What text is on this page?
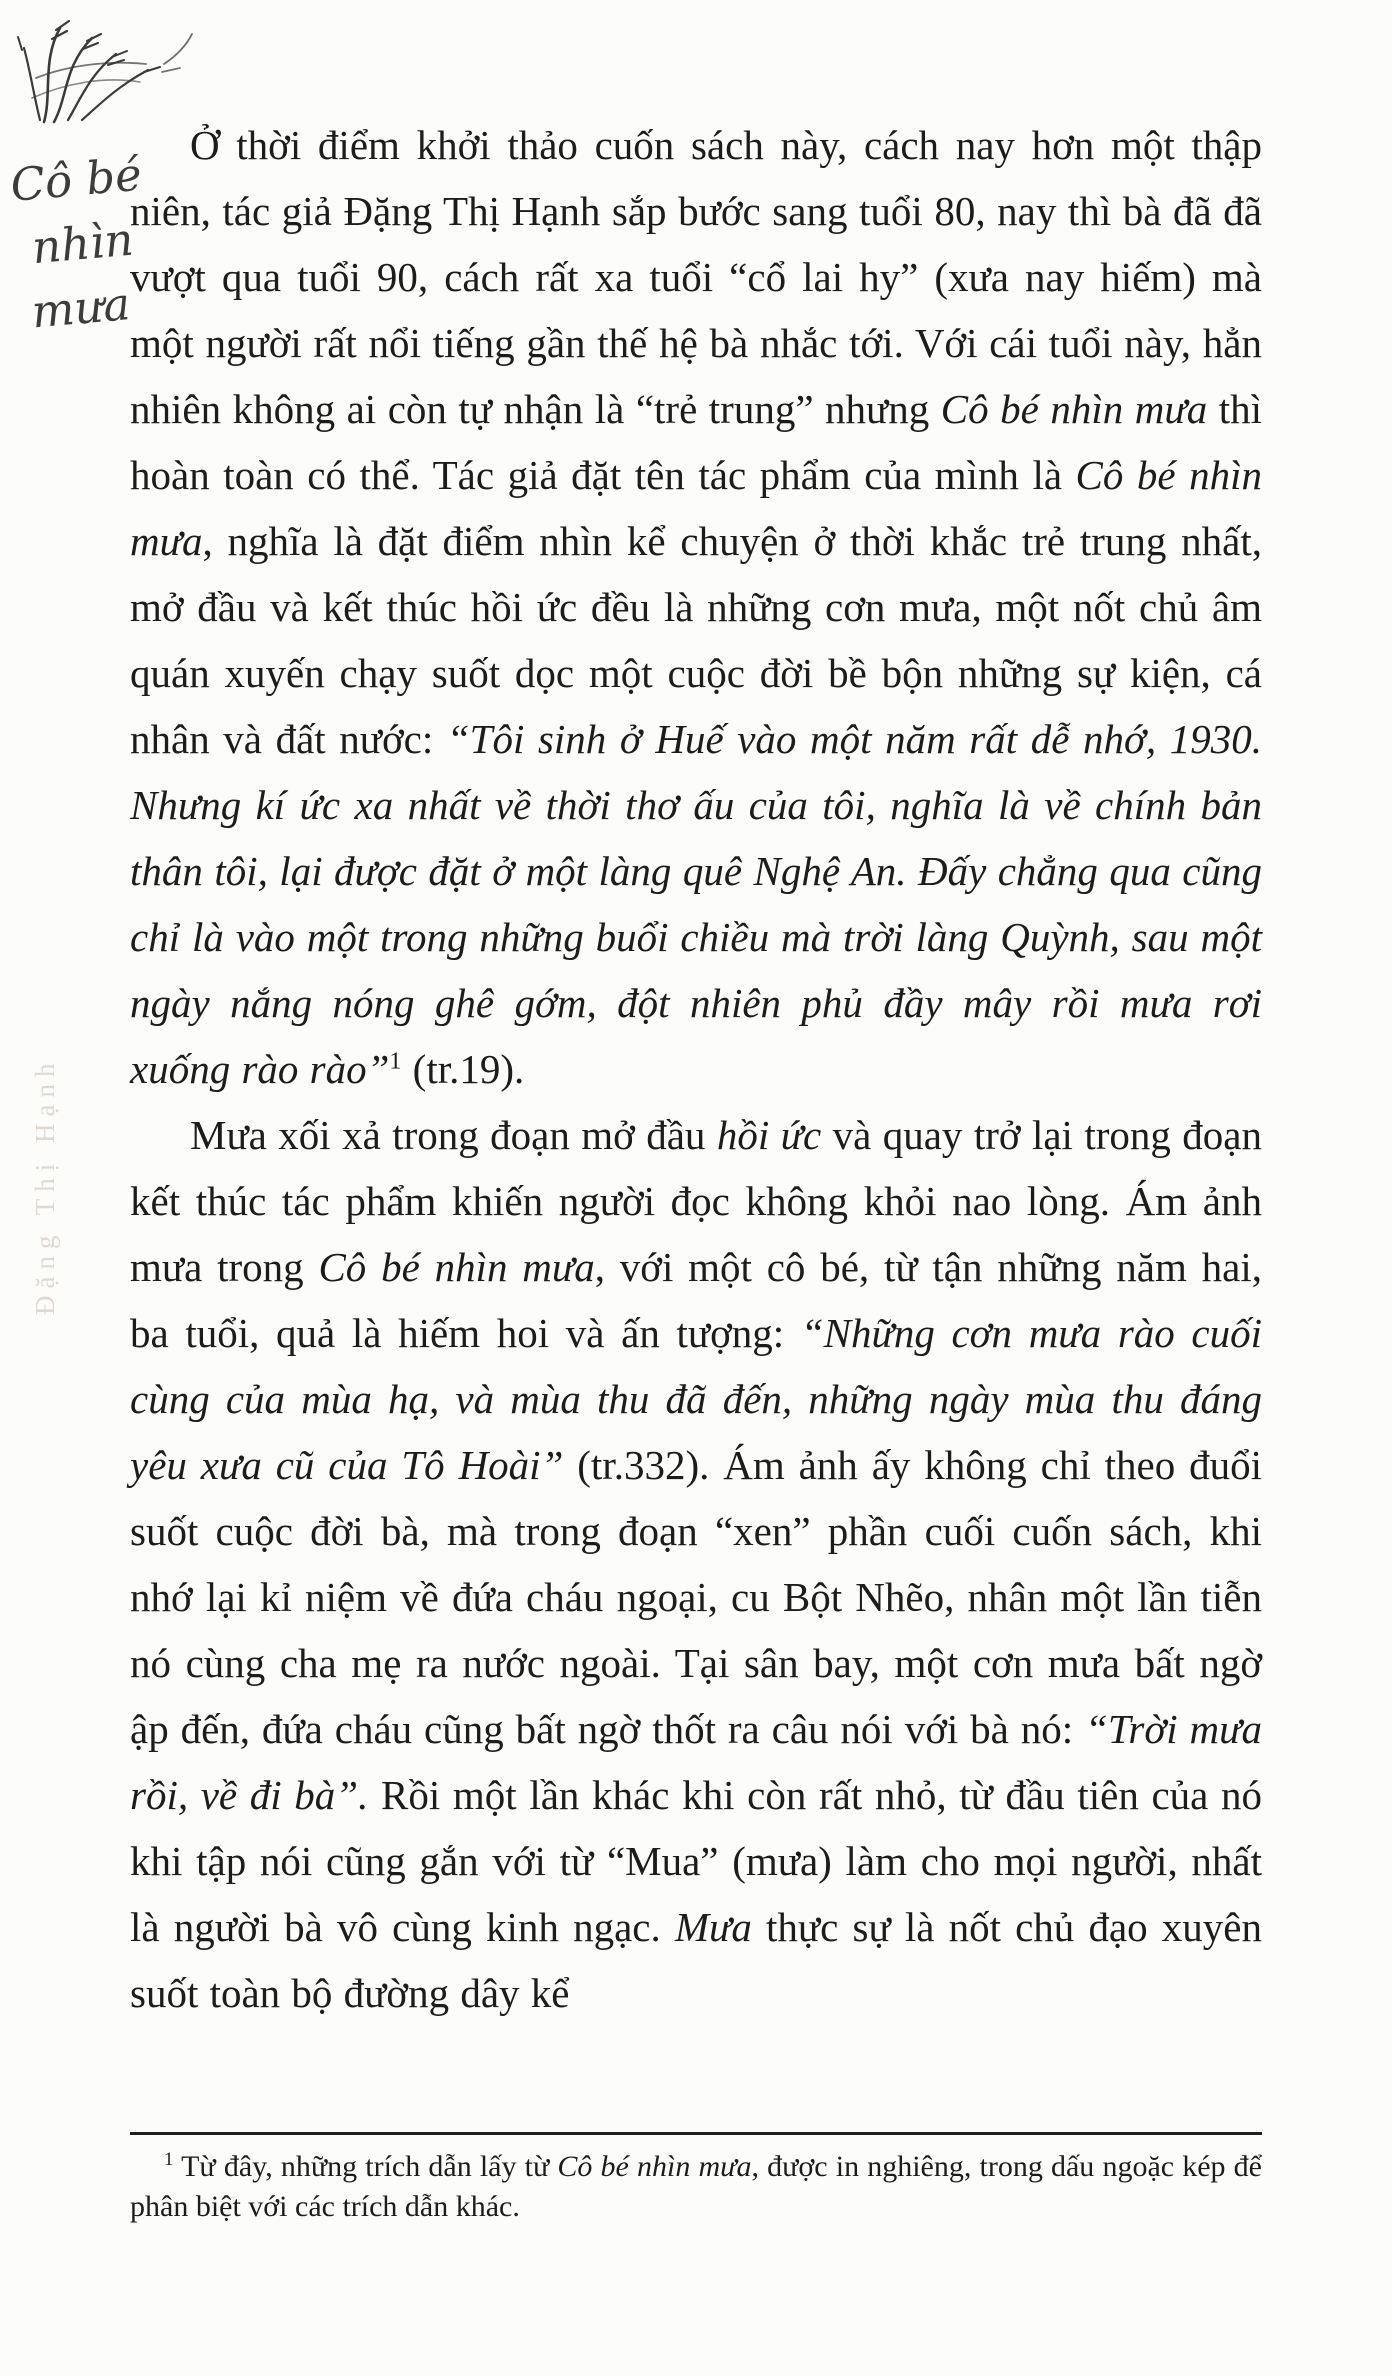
Cô bé
nhìn
mưa
Đặng Thị Hạnh

Ở thời điểm khởi thảo cuốn sách này, cách nay hơn một thập niên, tác giả Đặng Thị Hạnh sắp bước sang tuổi 80, nay thì bà đã đã vượt qua tuổi 90, cách rất xa tuổi “cổ lai hy” (xưa nay hiếm) mà một người rất nổi tiếng gần thế hệ bà nhắc tới. Với cái tuổi này, hẳn nhiên không ai còn tự nhận là “trẻ trung” nhưng Cô bé nhìn mưa thì hoàn toàn có thể. Tác giả đặt tên tác phẩm của mình là Cô bé nhìn mưa, nghĩa là đặt điểm nhìn kể chuyện ở thời khắc trẻ trung nhất, mở đầu và kết thúc hồi ức đều là những cơn mưa, một nốt chủ âm quán xuyến chạy suốt dọc một cuộc đời bề bộn những sự kiện, cá nhân và đất nước: “Tôi sinh ở Huế vào một năm rất dễ nhớ, 1930. Nhưng kí ức xa nhất về thời thơ ấu của tôi, nghĩa là về chính bản thân tôi, lại được đặt ở một làng quê Nghệ An. Đấy chẳng qua cũng chỉ là vào một trong những buổi chiều mà trời làng Quỳnh, sau một ngày nắng nóng ghê gớm, đột nhiên phủ đầy mây rồi mưa rơi xuống rào rào”$^1$ (tr.19).

Mưa xối xả trong đoạn mở đầu hồi ức và quay trở lại trong đoạn kết thúc tác phẩm khiến người đọc không khỏi nao lòng. Ám ảnh mưa trong Cô bé nhìn mưa, với một cô bé, từ tận những năm hai, ba tuổi, quả là hiếm hoi và ấn tượng: “Những cơn mưa rào cuối cùng của mùa hạ, và mùa thu đã đến, những ngày mùa thu đáng yêu xưa cũ của Tô Hoài” (tr.332). Ám ảnh ấy không chỉ theo đuổi suốt cuộc đời bà, mà trong đoạn “xen” phần cuối cuốn sách, khi nhớ lại kỉ niệm về đứa cháu ngoại, cu Bột Nhẽo, nhân một lần tiễn nó cùng cha mẹ ra nước ngoài. Tại sân bay, một cơn mưa bất ngờ ập đến, đứa cháu cũng bất ngờ thốt ra câu nói với bà nó: “Trời mưa rồi, về đi bà”. Rồi một lần khác khi còn rất nhỏ, từ đầu tiên của nó khi tập nói cũng gắn với từ “Mua” (mưa) làm cho mọi người, nhất là người bà vô cùng kinh ngạc. Mưa thực sự là nốt chủ đạo xuyên suốt toàn bộ đường dây kể

$^1$ Từ đây, những trích dẫn lấy từ Cô bé nhìn mưa, được in nghiêng, trong dấu ngoặc kép để phân biệt với các trích dẫn khác.
